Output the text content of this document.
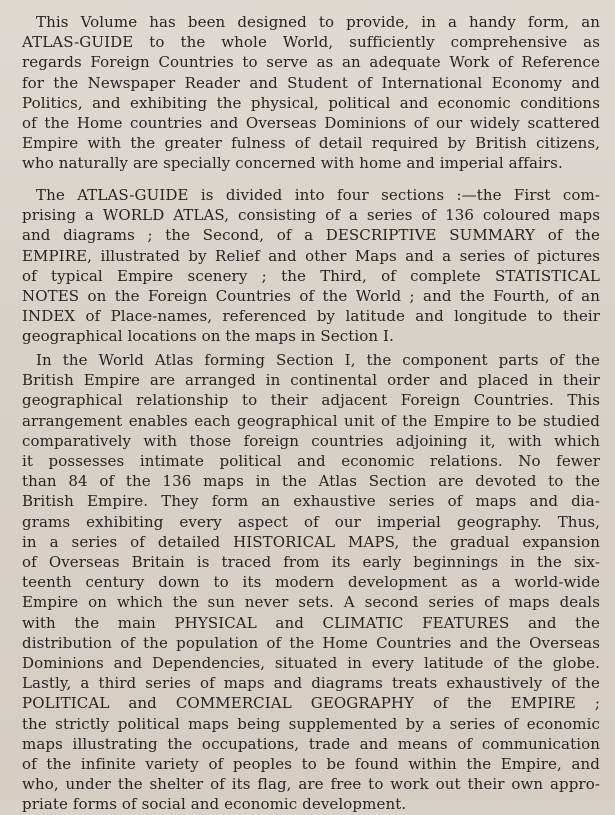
This Volume has been designed to provide, in a handy form, an
ATLAS-GUIDE to the whole World, sufficiently comprehensive as
regards Foreign Countries to serve as an adequate Work of Reference
for the Newspaper Reader and Student of International Economy and
Politics, and exhibiting the physical, political and economic conditions
of the Home countries and Overseas Dominions of our widely scattered
Empire with the greater fulness of detail required by British citizens,
who naturally are specially concerned with home and imperial affairs.
The ATLAS-GUIDE is divided into four sections :—the First com-
prising a WORLD ATLAS, consisting of a series of 136 coloured maps
and diagrams ; the Second, of a DESCRIPTIVE SUMMARY of the
EMPIRE, illustrated by Relief and other Maps and a series of pictures
of typical Empire scenery ; the Third, of complete STATISTICAL
NOTES on the Foreign Countries of the World ; and the Fourth, of an
INDEX of Place-names, referenced by latitude and longitude to their
geographical locations on the maps in Section I.
In the World Atlas forming Section I, the component parts of the
British Empire are arranged in continental order and placed in their
geographical relationship to their adjacent Foreign Countries. This
arrangement enables each geographical unit of the Empire to be studied
comparatively with those foreign countries adjoining it, with which
it possesses intimate political and economic relations. No fewer
than 84 of the 136 maps in the Atlas Section are devoted to the
British Empire. They form an exhaustive series of maps and dia-
grams exhibiting every aspect of our imperial geography. Thus,
in a series of detailed HISTORICAL MAPS, the gradual expansion
of Overseas Britain is traced from its early beginnings in the six-
teenth century down to its modern development as a world-wide
Empire on which the sun never sets. A second series of maps deals
with the main PHYSICAL and CLIMATIC FEATURES and the
distribution of the population of the Home Countries and the Overseas
Dominions and Dependencies, situated in every latitude of the globe.
Lastly, a third series of maps and diagrams treats exhaustively of the
POLITICAL and COMMERCIAL GEOGRAPHY of the EMPIRE ;
the strictly political maps being supplemented by a series of economic
maps illustrating the occupations, trade and means of communication
of the infinite variety of peoples to be found within the Empire, and
who, under the shelter of its flag, are free to work out their own appro-
priate forms of social and economic development.
